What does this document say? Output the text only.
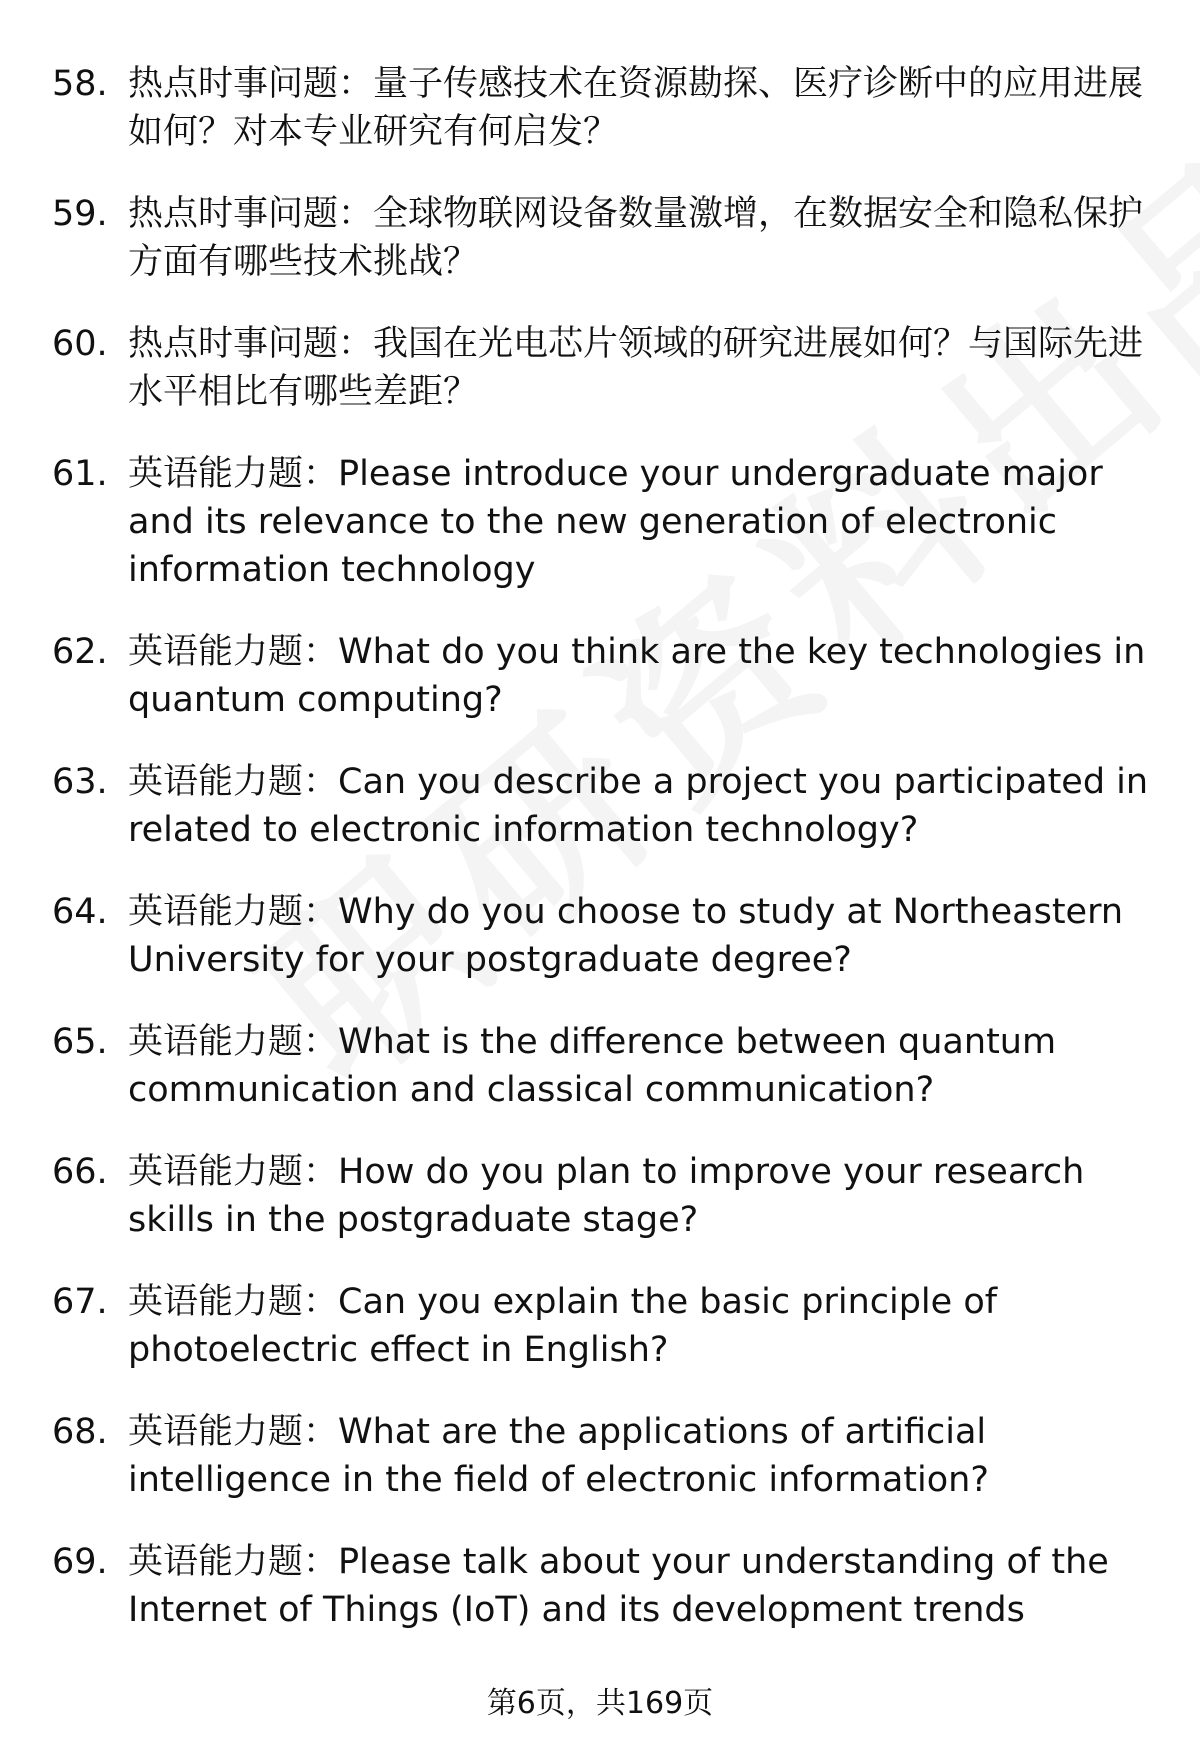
58. 热点时事问题：量子传感技术在资源勘探、医疗诊断中的应用进展如何？对本专业研究有何启发？
59. 热点时事问题：全球物联网设备数量激增，在数据安全和隐私保护方面有哪些技术挑战？
60. 热点时事问题：我国在光电芯片领域的研究进展如何？与国际先进水平相比有哪些差距？
61. 英语能力题：Please introduce your undergraduate major and its relevance to the new generation of electronic information technology
62. 英语能力题：What do you think are the key technologies in quantum computing?
63. 英语能力题：Can you describe a project you participated in related to electronic information technology?
64. 英语能力题：Why do you choose to study at Northeastern University for your postgraduate degree?
65. 英语能力题：What is the difference between quantum communication and classical communication?
66. 英语能力题：How do you plan to improve your research skills in the postgraduate stage?
67. 英语能力题：Can you explain the basic principle of photoelectric effect in English?
68. 英语能力题：What are the applications of artificial intelligence in the field of electronic information?
69. 英语能力题：Please talk about your understanding of the Internet of Things (IoT) and its development trends
第6页，共169页
